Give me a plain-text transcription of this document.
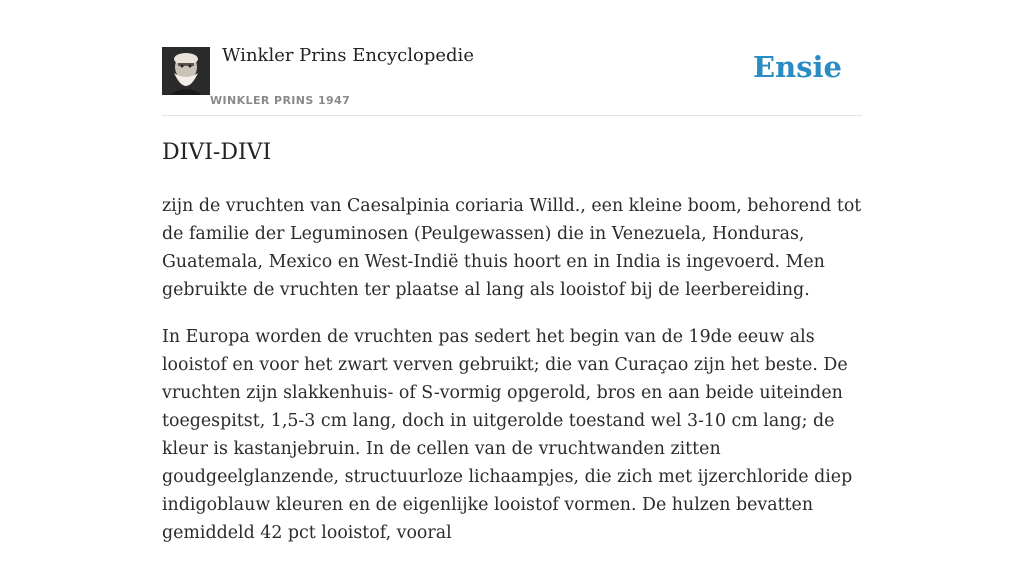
Winkler Prins Encyclopedie
WINKLER PRINS 1947
Ensie
DIVI-DIVI

zijn de vruchten van Caesalpinia coriaria Willd., een kleine boom, behorend tot de familie der Leguminosen (Peulgewassen) die in Venezuela, Honduras, Guatemala, Mexico en West-Indië thuis hoort en in India is ingevoerd. Men gebruikte de vruchten ter plaatse al lang als looistof bij de leerbereiding.

In Europa worden de vruchten pas sedert het begin van de 19de eeuw als looistof en voor het zwart verven gebruikt; die van Curaçao zijn het beste. De vruchten zijn slakkenhuis- of S-vormig opgerold, bros en aan beide uiteinden toegespitst, 1,5-3 cm lang, doch in uitgerolde toestand wel 3-10 cm lang; de kleur is kastanjebruin. In de cellen van de vruchtwanden zitten goudgeelglanzende, structuurloze lichaampjes, die zich met ijzerchloride diep indigoblauw kleuren en de eigenlijke looistof vormen. De hulzen bevatten gemiddeld 42 pct looistof, vooral
